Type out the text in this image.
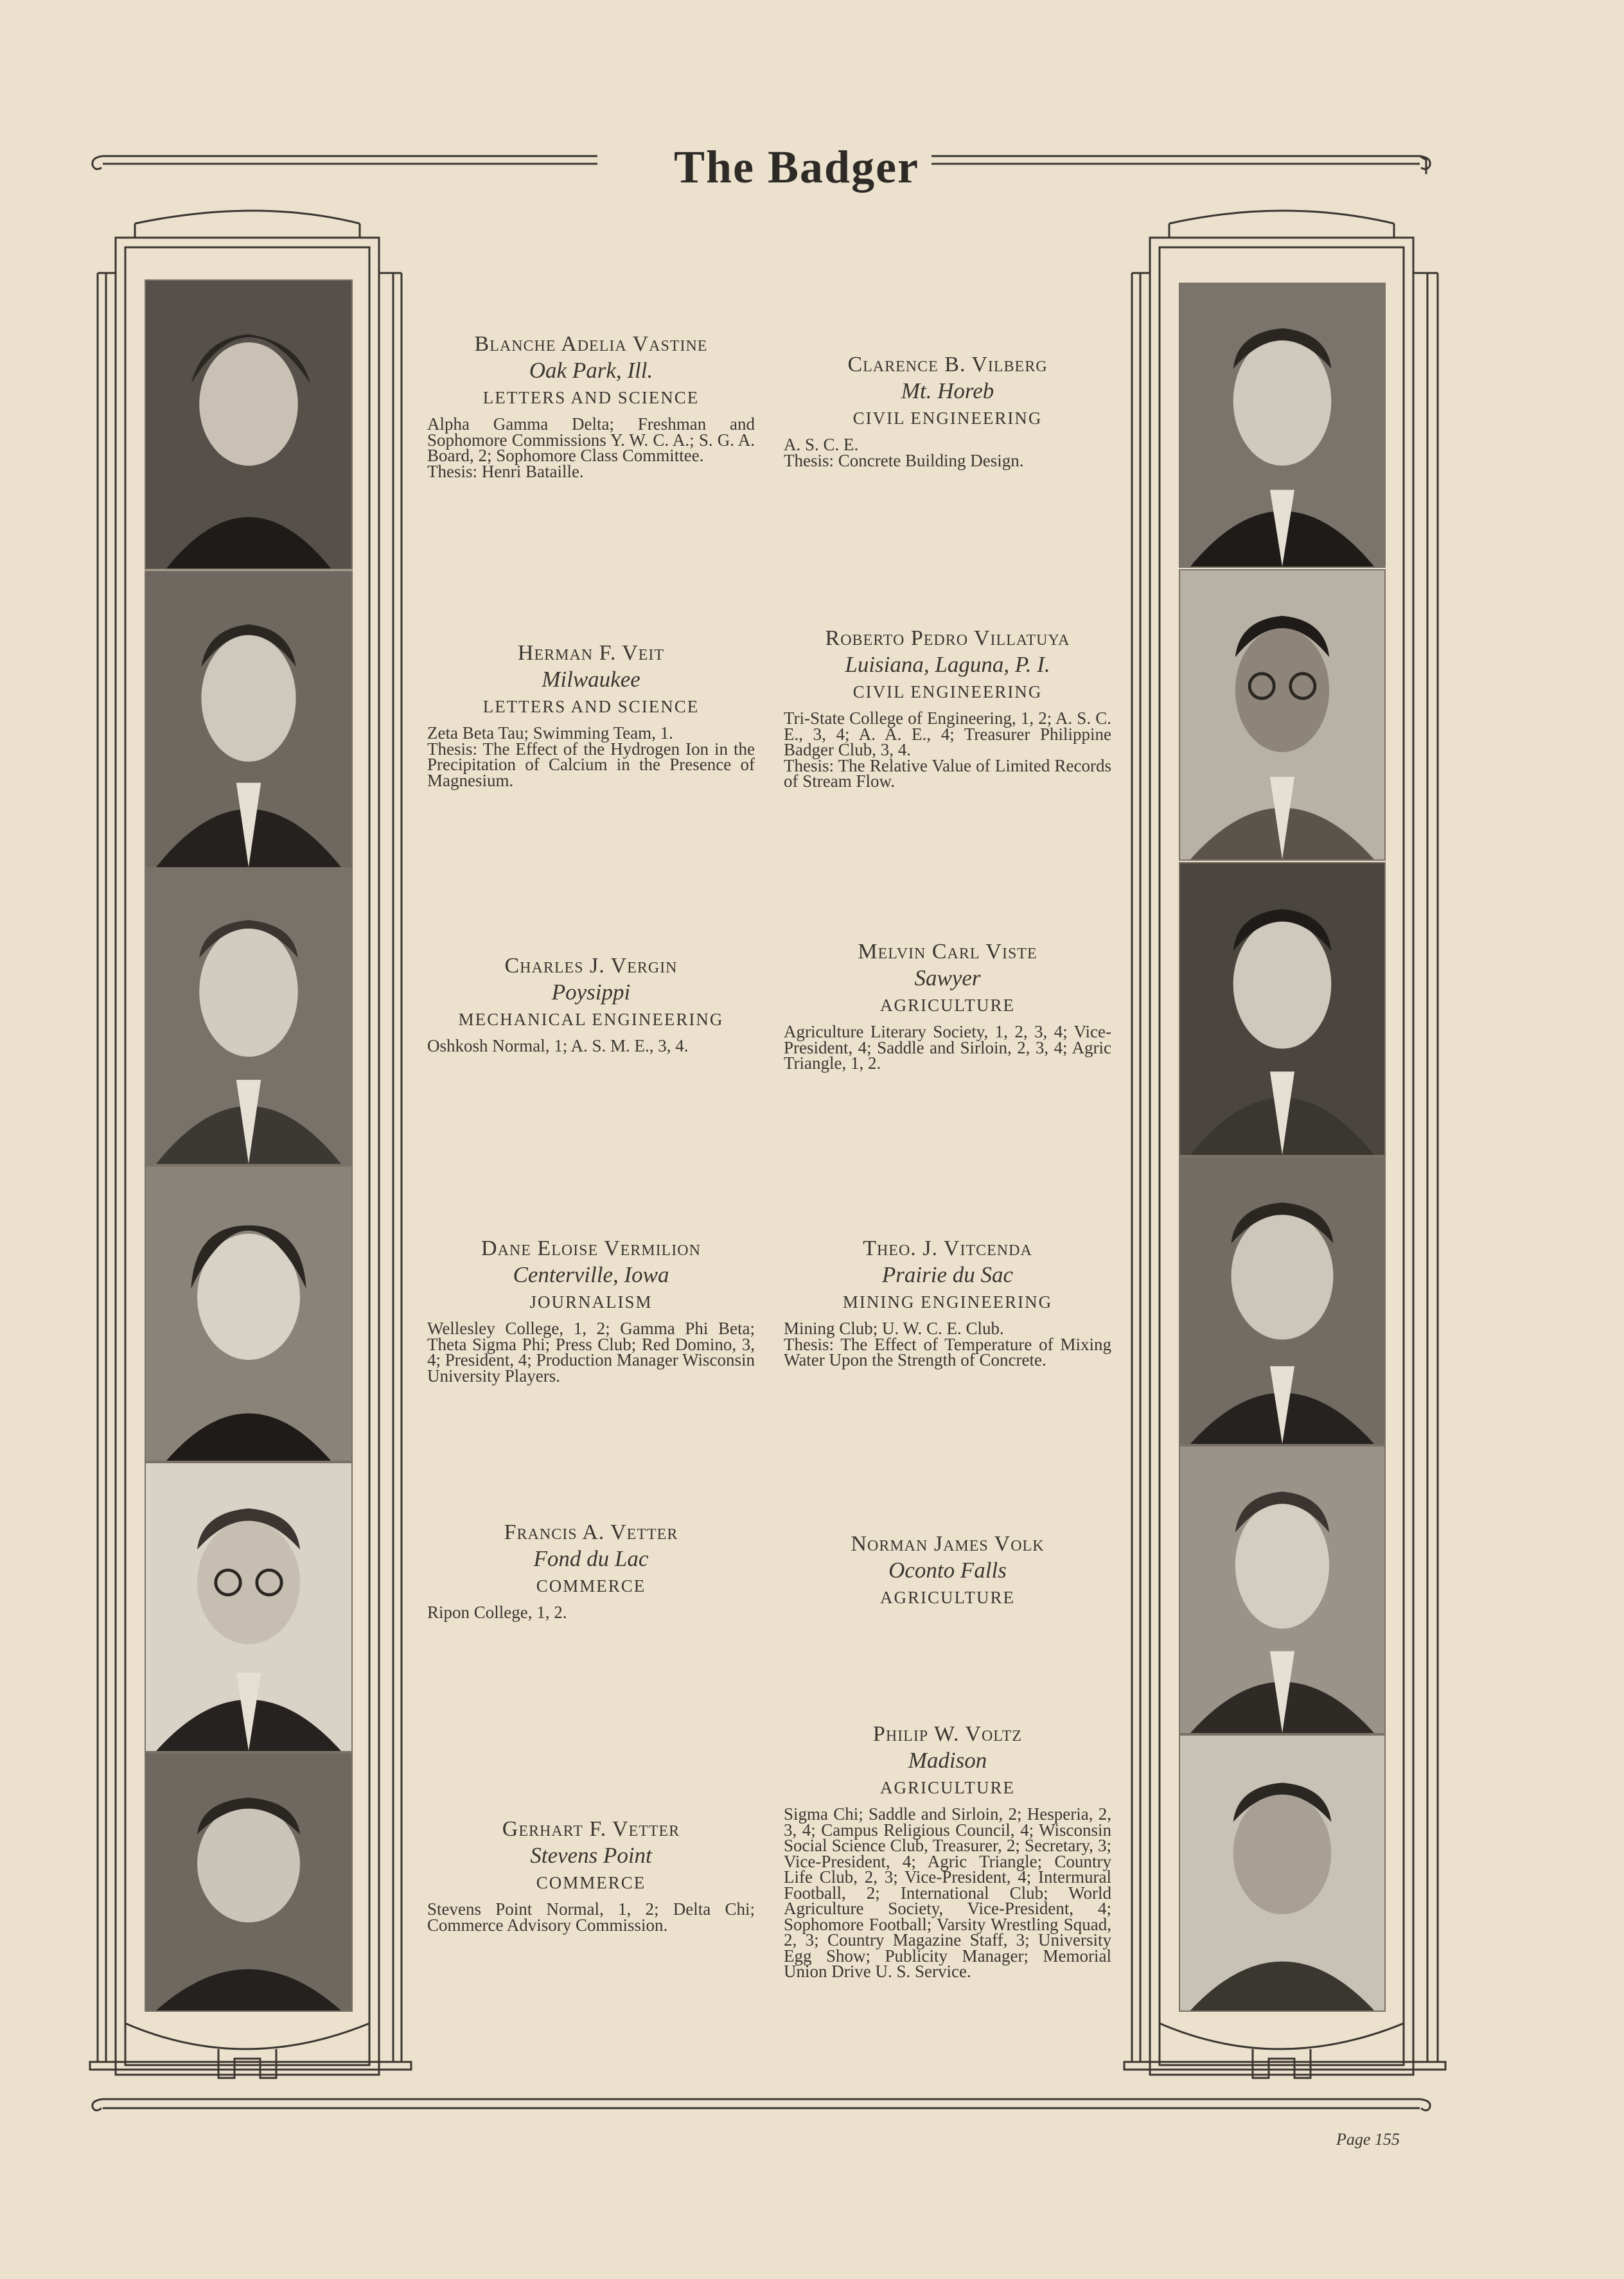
The Badger
Blanche Adelia Vastine
Oak Park, Ill.
LETTERS AND SCIENCE
Alpha Gamma Delta; Freshman and Sophomore Commissions Y. W. C. A.; S. G. A. Board, 2; Sophomore Class Committee.
Thesis: Henri Bataille.
Herman F. Veit
Milwaukee
LETTERS AND SCIENCE
Zeta Beta Tau; Swimming Team, 1.
Thesis: The Effect of the Hydrogen Ion in the Precipitation of Calcium in the Presence of Magnesium.
Charles J. Vergin
Poysippi
MECHANICAL ENGINEERING
Oshkosh Normal, 1; A. S. M. E., 3, 4.
Dane Eloise Vermilion
Centerville, Iowa
JOURNALISM
Wellesley College, 1, 2; Gamma Phi Beta; Theta Sigma Phi; Press Club; Red Domino, 3, 4; President, 4; Production Manager Wisconsin University Players.
Francis A. Vetter
Fond du Lac
COMMERCE
Ripon College, 1, 2.
Gerhart F. Vetter
Stevens Point
COMMERCE
Stevens Point Normal, 1, 2; Delta Chi; Commerce Advisory Commission.
Clarence B. Vilberg
Mt. Horeb
CIVIL ENGINEERING
A. S. C. E.
Thesis: Concrete Building Design.
Roberto Pedro Villatuya
Luisiana, Laguna, P. I.
CIVIL ENGINEERING
Tri-State College of Engineering, 1, 2; A. S. C. E., 3, 4; A. A. E., 4; Treasurer Philippine Badger Club, 3, 4.
Thesis: The Relative Value of Limited Records of Stream Flow.
Melvin Carl Viste
Sawyer
AGRICULTURE
Agriculture Literary Society, 1, 2, 3, 4; Vice-President, 4; Saddle and Sirloin, 2, 3, 4; Agric Triangle, 1, 2.
Theo. J. Vitcenda
Prairie du Sac
MINING ENGINEERING
Mining Club; U. W. C. E. Club.
Thesis: The Effect of Temperature of Mixing Water Upon the Strength of Concrete.
Norman James Volk
Oconto Falls
AGRICULTURE
Philip W. Voltz
Madison
AGRICULTURE
Sigma Chi; Saddle and Sirloin, 2; Hesperia, 2, 3, 4; Campus Religious Council, 4; Wisconsin Social Science Club, Treasurer, 2; Secretary, 3; Vice-President, 4; Agric Triangle; Country Life Club, 2, 3; Vice-President, 4; Intermural Football, 2; International Club; World Agriculture Society, Vice-President, 4; Sophomore Football; Varsity Wrestling Squad, 2, 3; Country Magazine Staff, 3; University Egg Show; Publicity Manager; Memorial Union Drive U. S. Service.
Page 155
